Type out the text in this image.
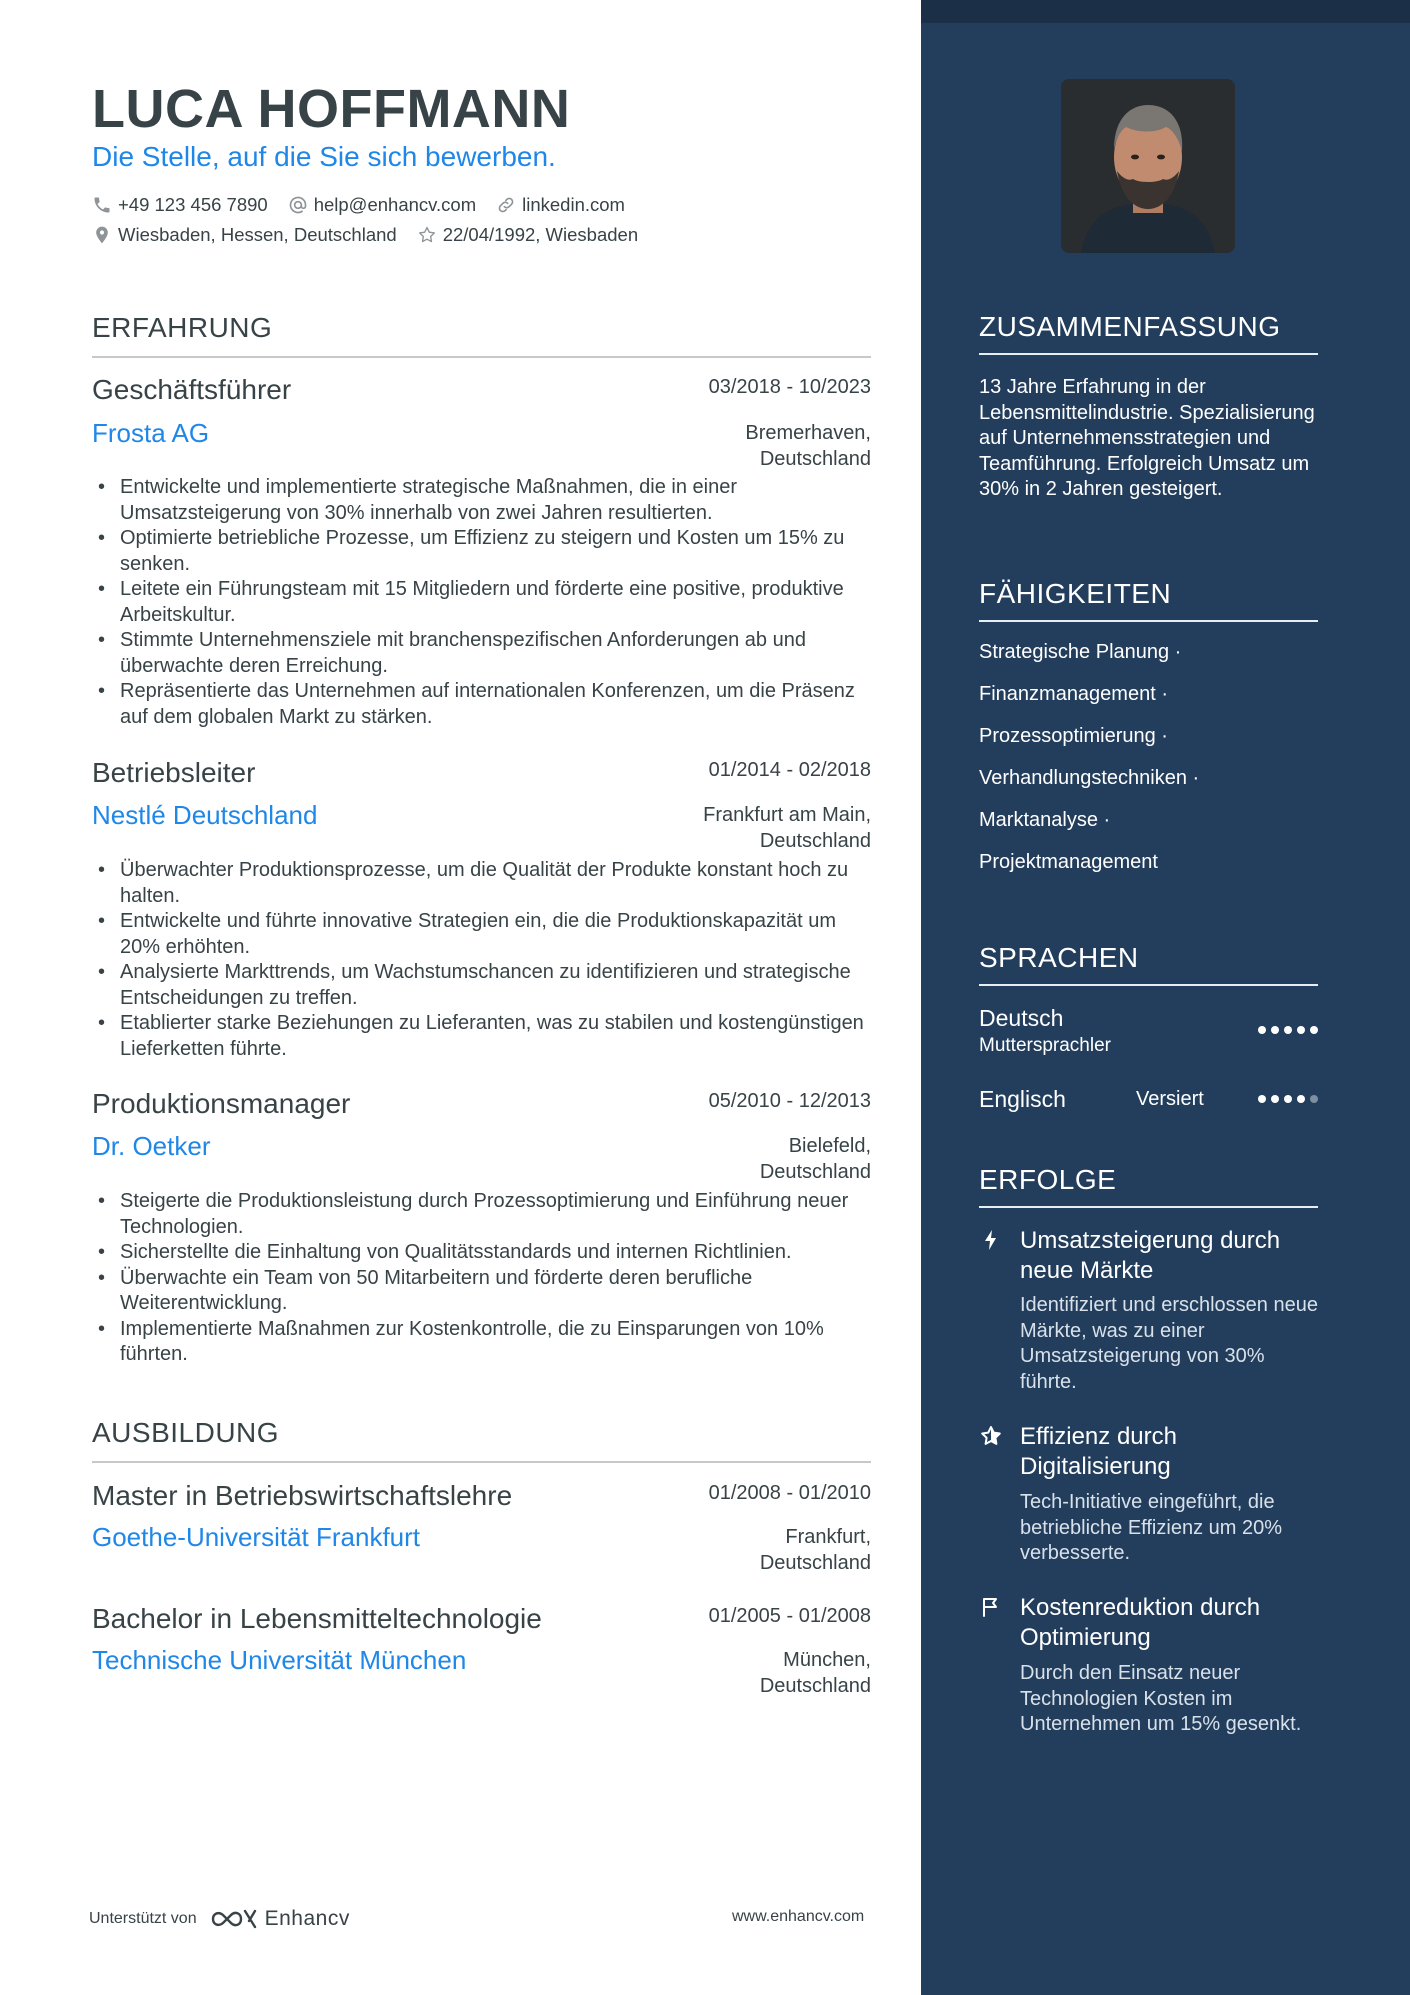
LUCA HOFFMANN
Die Stelle, auf die Sie sich bewerben.
+49 123 456 7890 help@enhancv.com linkedin.com
Wiesbaden, Hessen, Deutschland 22/04/1992, Wiesbaden
ERFAHRUNG
Geschäftsführer	03/2018 - 10/2023
Frosta AG	Bremerhaven,
Deutschland
• Entwickelte und implementierte strategische Maßnahmen, die in einer Umsatzsteigerung von 30% innerhalb von zwei Jahren resultierten.
• Optimierte betriebliche Prozesse, um Effizienz zu steigern und Kosten um 15% zu senken.
• Leitete ein Führungsteam mit 15 Mitgliedern und förderte eine positive, produktive Arbeitskultur.
• Stimmte Unternehmensziele mit branchenspezifischen Anforderungen ab und überwachte deren Erreichung.
• Repräsentierte das Unternehmen auf internationalen Konferenzen, um die Präsenz auf dem globalen Markt zu stärken.
Betriebsleiter	01/2014 - 02/2018
Nestlé Deutschland	Frankfurt am Main,
Deutschland
• Überwachter Produktionsprozesse, um die Qualität der Produkte konstant hoch zu halten.
• Entwickelte und führte innovative Strategien ein, die die Produktionskapazität um 20% erhöhten.
• Analysierte Markttrends, um Wachstumschancen zu identifizieren und strategische Entscheidungen zu treffen.
• Etablierter starke Beziehungen zu Lieferanten, was zu stabilen und kostengünstigen Lieferketten führte.
Produktionsmanager	05/2010 - 12/2013
Dr. Oetker	Bielefeld,
Deutschland
• Steigerte die Produktionsleistung durch Prozessoptimierung und Einführung neuer Technologien.
• Sicherstellte die Einhaltung von Qualitätsstandards und internen Richtlinien.
• Überwachte ein Team von 50 Mitarbeitern und förderte deren berufliche Weiterentwicklung.
• Implementierte Maßnahmen zur Kostenkontrolle, die zu Einsparungen von 10% führten.
AUSBILDUNG
Master in Betriebswirtschaftslehre	01/2008 - 01/2010
Goethe-Universität Frankfurt	Frankfurt,
Deutschland
Bachelor in Lebensmitteltechnologie	01/2005 - 01/2008
Technische Universität München	München,
Deutschland
Unterstützt von	Enhancv	www.enhancv.com
ZUSAMMENFASSUNG
13 Jahre Erfahrung in der Lebensmittelindustrie. Spezialisierung auf Unternehmensstrategien und Teamführung. Erfolgreich Umsatz um 30% in 2 Jahren gesteigert.
FÄHIGKEITEN
Strategische Planung ·
Finanzmanagement ·
Prozessoptimierung ·
Verhandlungstechniken ·
Marktanalyse ·
Projektmanagement
SPRACHEN
Deutsch
Muttersprachler
Englisch	Versiert
ERFOLGE
Umsatzsteigerung durch neue Märkte
Identifiziert und erschlossen neue Märkte, was zu einer Umsatzsteigerung von 30% führte.
Effizienz durch Digitalisierung
Tech-Initiative eingeführt, die betriebliche Effizienz um 20% verbesserte.
Kostenreduktion durch Optimierung
Durch den Einsatz neuer Technologien Kosten im Unternehmen um 15% gesenkt.
